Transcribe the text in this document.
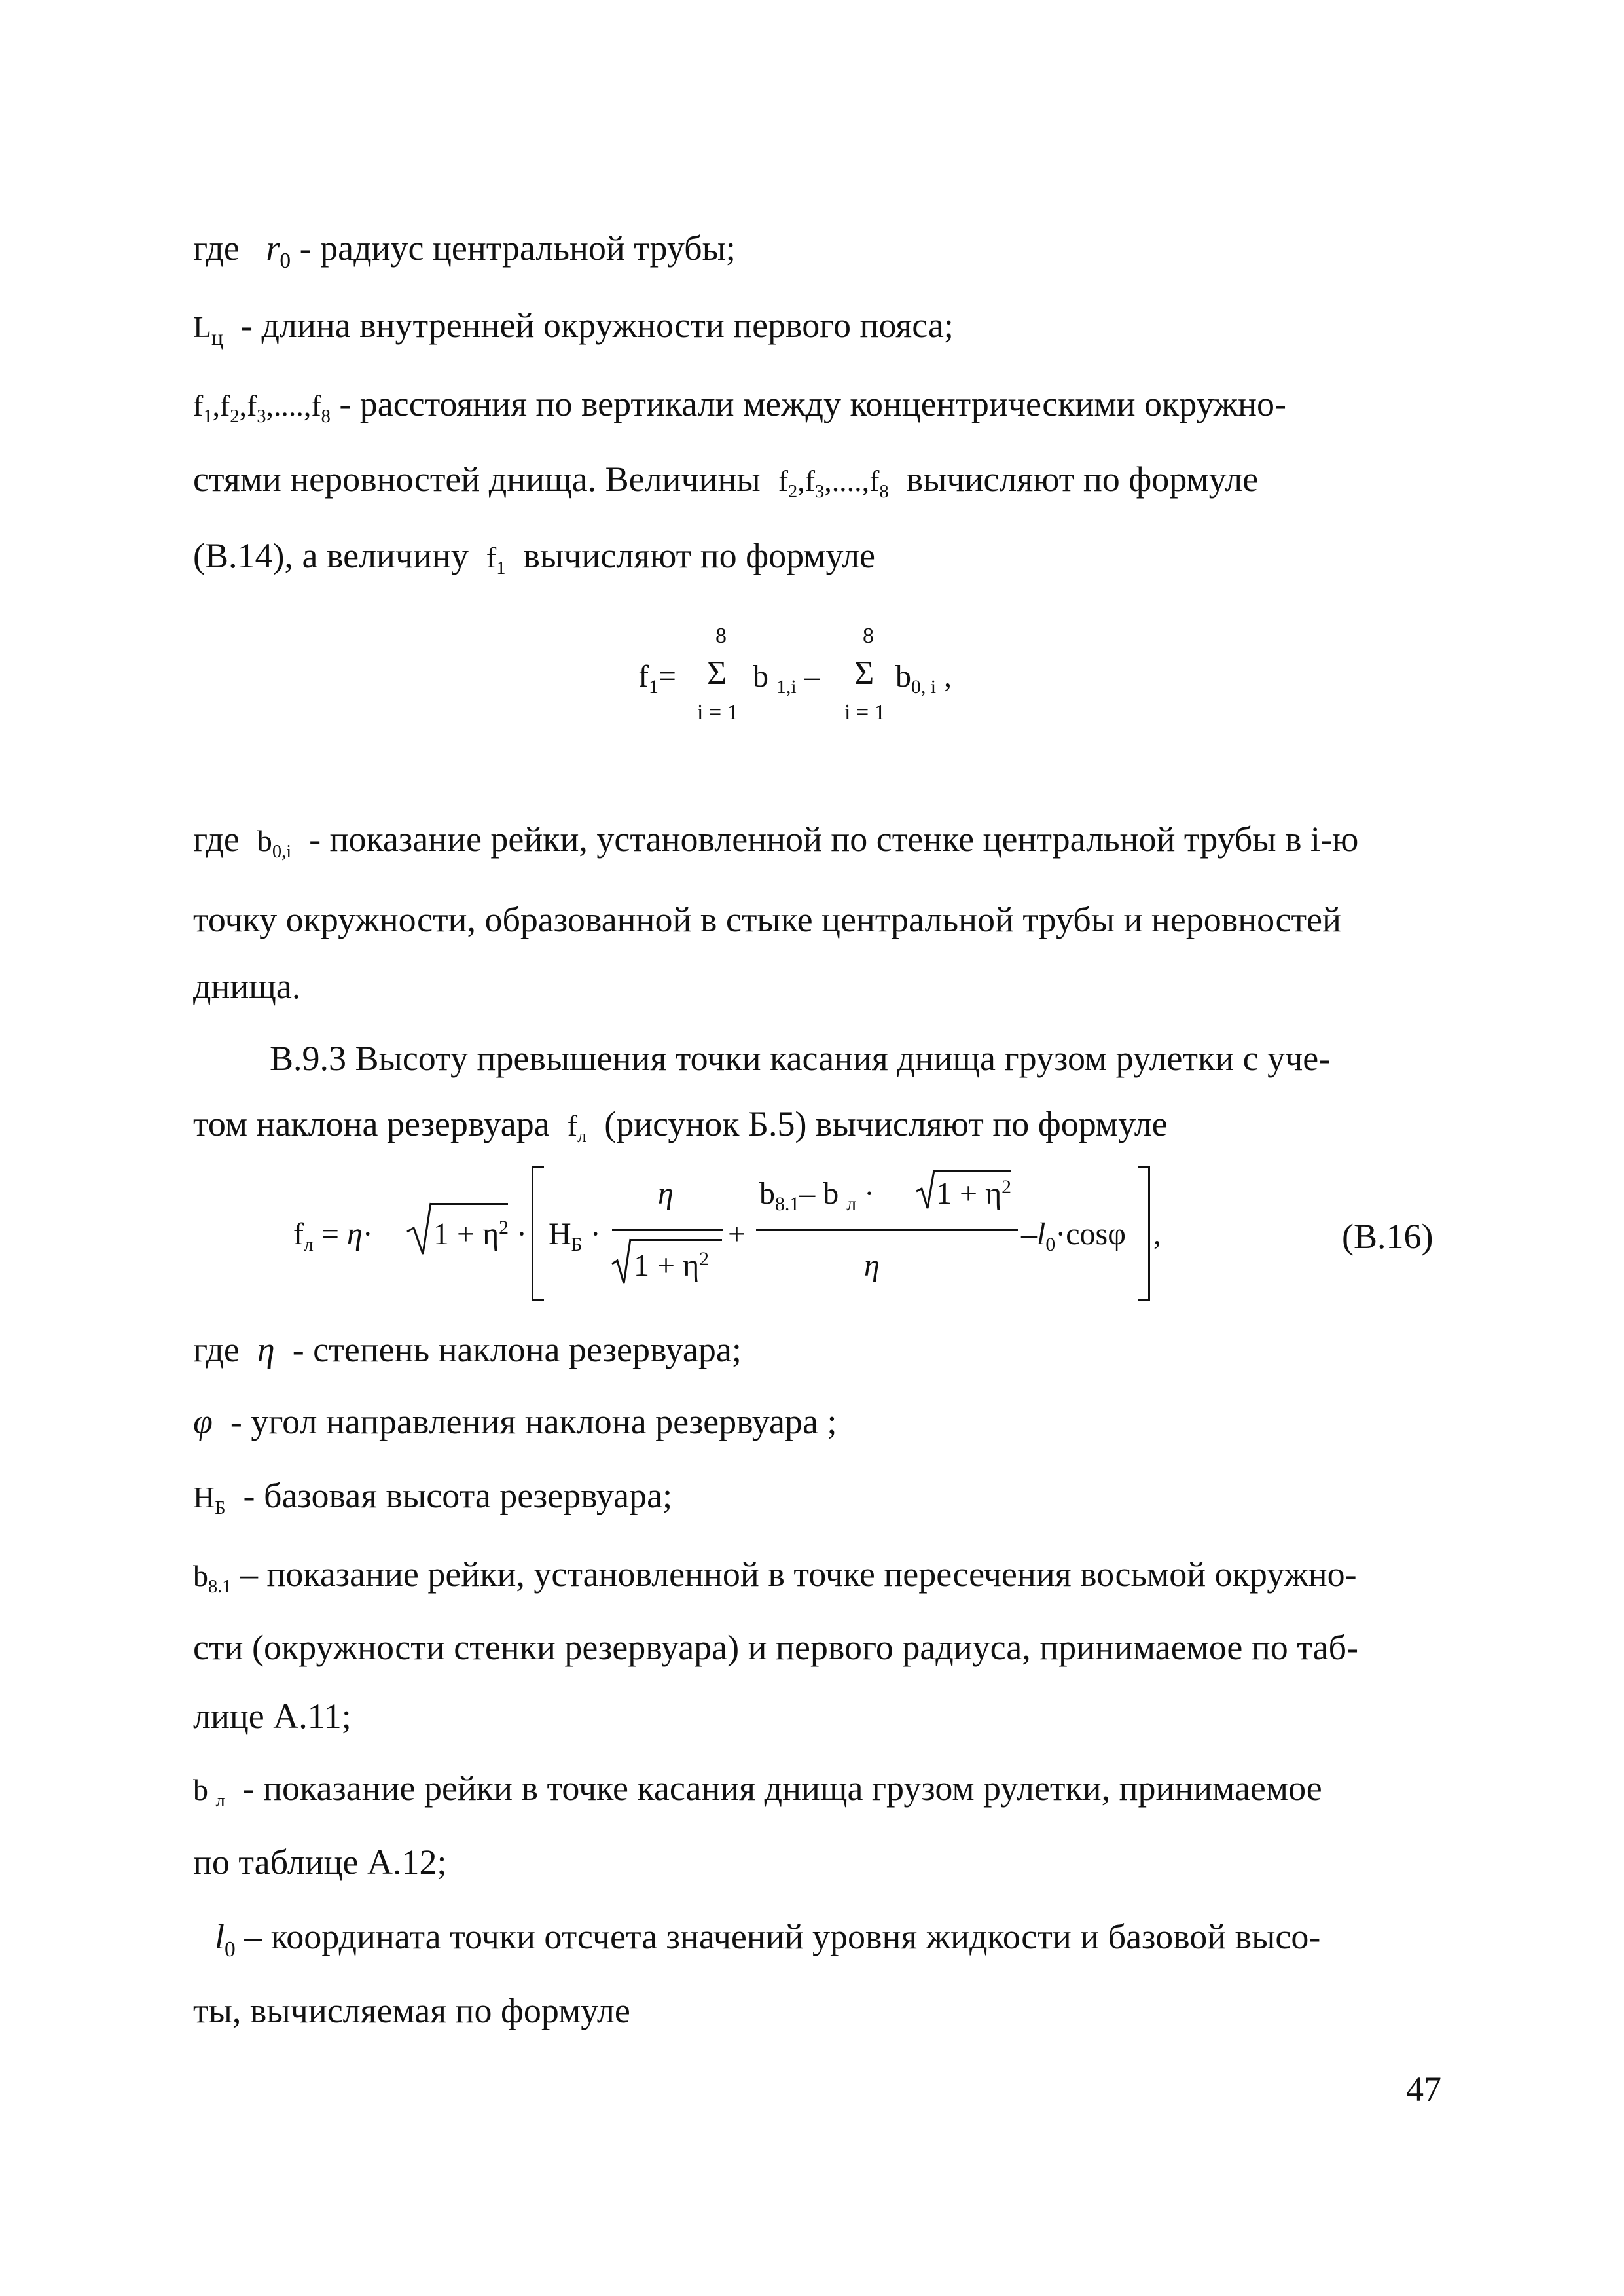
где $r_0$ - радиус центральной трубы;
$L_ц$ - длина внутренней окружности первого пояса;
$f_1,f_2,f_3,....,f_8$ - расстояния по вертикали между концентрическими окружно-
стями неровностей днища. Величины $f_2,f_3,....,f_8$ вычисляют по формуле
(В.14), а величину $f_1$ вычисляют по формуле
$f_1=$
8
Σ
i = 1
b $_{1,i}$ –
8
Σ
i = 1
$b_{0, i}$ ,
где $b_{0,i}$ - показание рейки, установленной по стенке центральной трубы в i-ю
точку окружности, образованной в стыке центральной трубы и неровностей
днища.
В.9.3 Высоту превышения точки касания днища грузом рулетки с уче-
том наклона резервуара $f_л$ (рисунок Б.5) вычисляют по формуле
$f_л = \eta\cdot 1 + \eta^2 \cdot Н_Б$ ·
η
$1 + \eta^2$
+
$b_{8.1}-$ b $_л \cdot 1 + \eta^2$
η
$-l_0\cdot\cos\varphi$ ,	(В.16)
где η - степень наклона резервуара;
φ - угол направления наклона резервуара ;
$Н_Б$ - базовая высота резервуара;
$b_{8.1}$ – показание рейки, установленной в точке пересечения восьмой окружно-
сти (окружности стенки резервуара) и первого радиуса, принимаемое по таб-
лице А.11;
b $_л$ - показание рейки в точке касания днища грузом рулетки, принимаемое
по таблице А.12;
$l_0$ – координата точки отсчета значений уровня жидкости и базовой высо-
ты, вычисляемая по формуле
47
